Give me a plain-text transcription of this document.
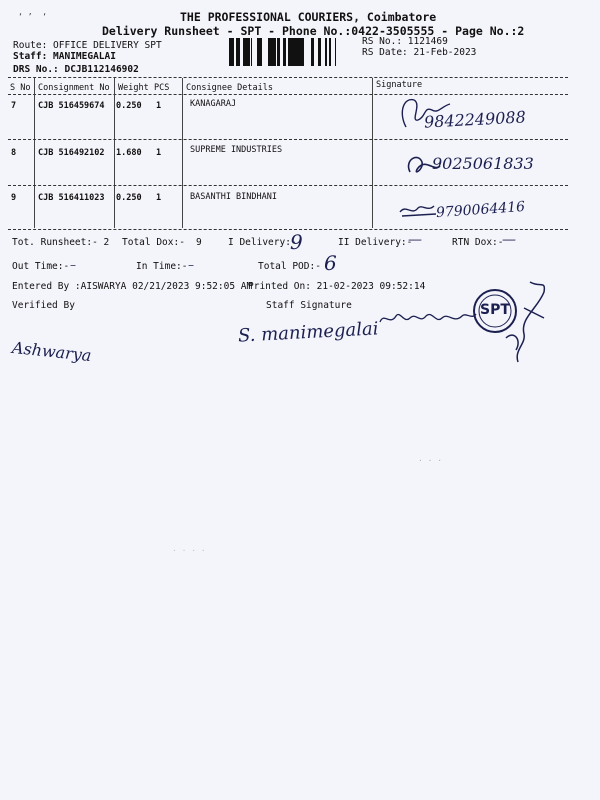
‘ ’  ‘	THE PROFESSIONAL COURIERS, Coimbatore
Delivery Runsheet - SPT - Phone No.:0422-3505555 - Page No.:2
Route: OFFICE DELIVERY SPT
Staff: MANIMEGALAI
DRS No.: DCJB112146902
RS No.: 1121469
RS Date: 21-Feb-2023
S No Consignment No Weight PCS Consignee Details	Signature
7	CJB 516459674 0.250 1	KANAGARAJ
9842249088
8	CJB 516492102 1.680 1	SUPREME INDUSTRIES
9025061833
9	CJB 516411023 0.250 1	BASANTHI BINDHANI
9790064416
Tot. Runsheet:- 2 Total Dox:- 9	I Delivery:-
9	II Delivery:-
—	RTN Dox:-
—
Out Time:- –	In Time:- –	Total POD:- 6
Entered By :AISWARYA 02/21/2023 9:52:05 AM
Printed On: 21-02-2023 09:52:14
Verified By	Staff Signature
Ashwarya
S. manimegalai
SPT
· · ·
· · · ·
